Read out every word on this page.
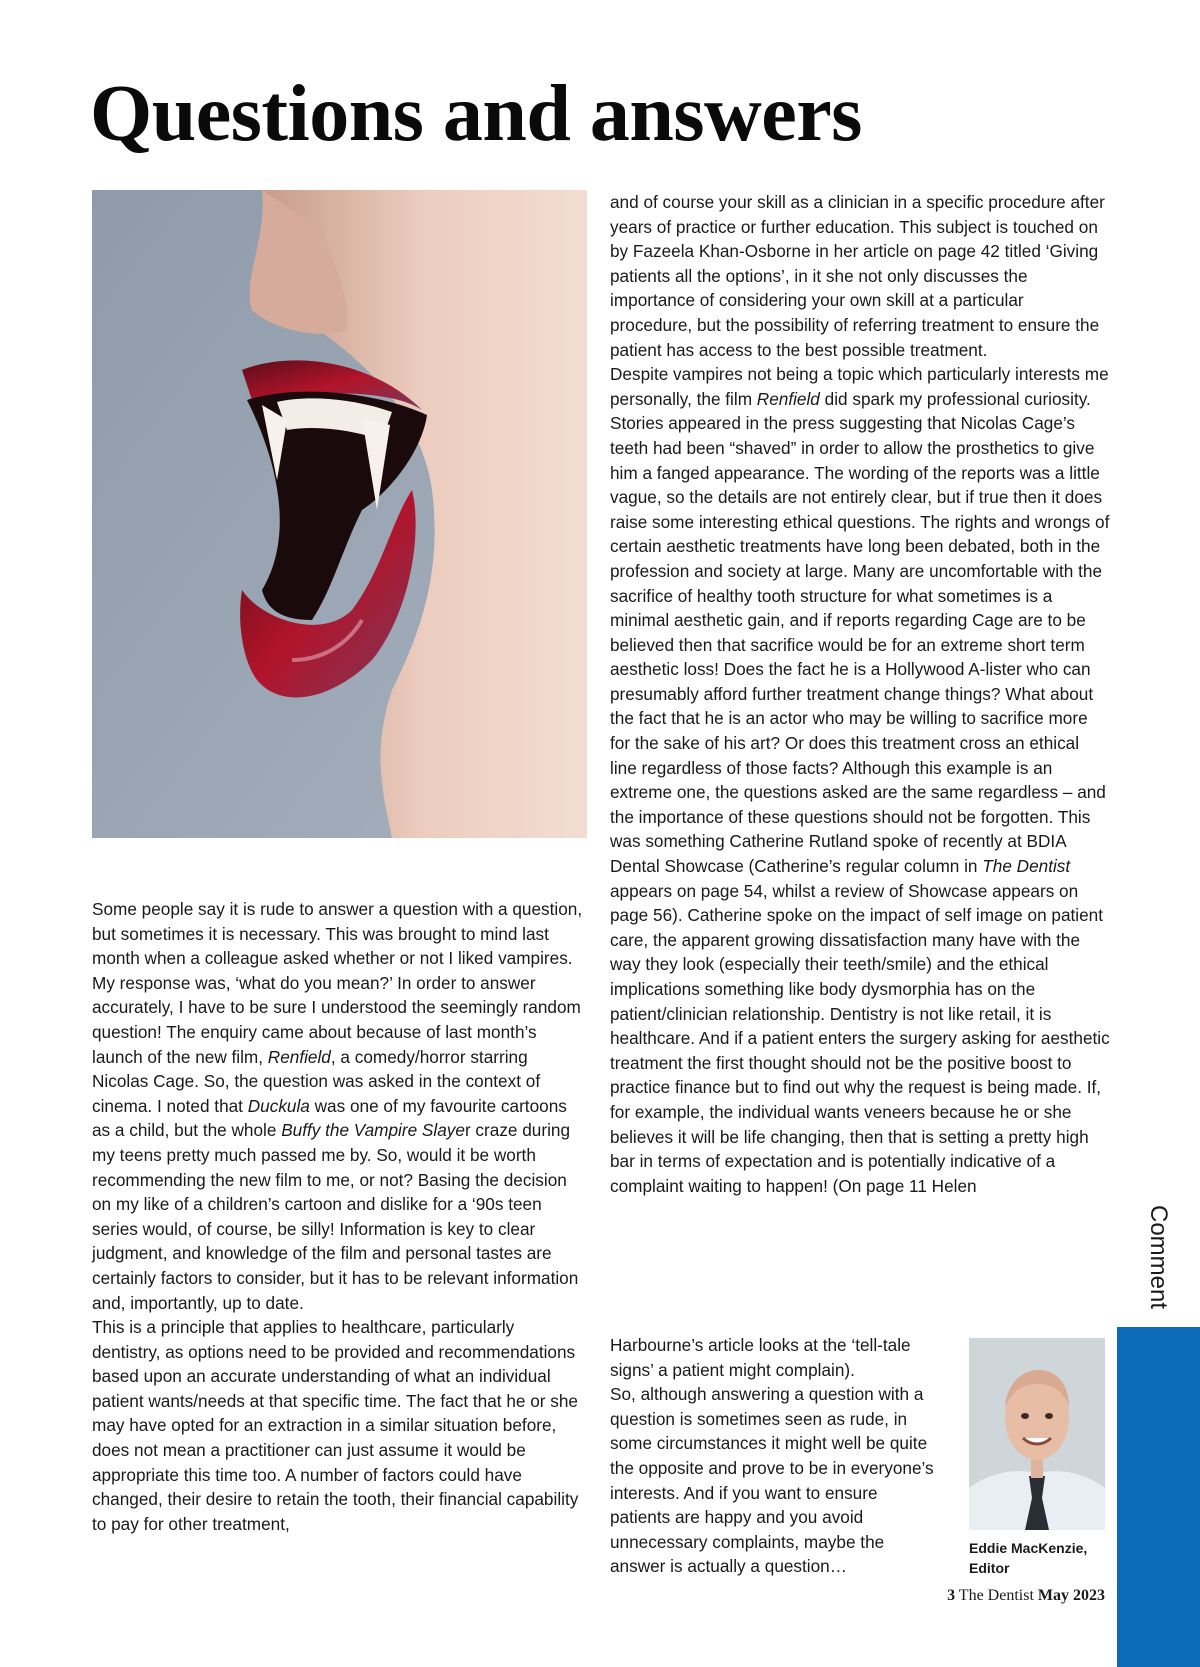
Questions and answers

Some people say it is rude to answer a question with a question, but sometimes it is necessary. This was brought to mind last month when a colleague asked whether or not I liked vampires. My response was, ‘what do you mean?’ In order to answer accurately, I have to be sure I understood the seemingly random question! The enquiry came about because of last month’s launch of the new film, Renfield, a comedy/horror starring Nicolas Cage. So, the question was asked in the context of cinema. I noted that Duckula was one of my favourite cartoons as a child, but the whole Buffy the Vampire Slayer craze during my teens pretty much passed me by. So, would it be worth recommending the new film to me, or not? Basing the decision on my like of a children’s cartoon and dislike for a ‘90s teen series would, of course, be silly! Information is key to clear judgment, and knowledge of the film and personal tastes are certainly factors to consider, but it has to be relevant information and, importantly, up to date.

This is a principle that applies to healthcare, particularly dentistry, as options need to be provided and recommendations based upon an accurate understanding of what an individual patient wants/needs at that specific time. The fact that he or she may have opted for an extraction in a similar situation before, does not mean a practitioner can just assume it would be appropriate this time too. A number of factors could have changed, their desire to retain the tooth, their financial capability to pay for other treatment,

and of course your skill as a clinician in a specific procedure after years of practice or further education. This subject is touched on by Fazeela Khan-Osborne in her article on page 42 titled ‘Giving patients all the options’, in it she not only discusses the importance of considering your own skill at a particular procedure, but the possibility of referring treatment to ensure the patient has access to the best possible treatment.

Despite vampires not being a topic which particularly interests me personally, the film Renfield did spark my professional curiosity. Stories appeared in the press suggesting that Nicolas Cage’s teeth had been “shaved” in order to allow the prosthetics to give him a fanged appearance. The wording of the reports was a little vague, so the details are not entirely clear, but if true then it does raise some interesting ethical questions. The rights and wrongs of certain aesthetic treatments have long been debated, both in the profession and society at large. Many are uncomfortable with the sacrifice of healthy tooth structure for what sometimes is a minimal aesthetic gain, and if reports regarding Cage are to be believed then that sacrifice would be for an extreme short term aesthetic loss! Does the fact he is a Hollywood A-lister who can presumably afford further treatment change things? What about the fact that he is an actor who may be willing to sacrifice more for the sake of his art? Or does this treatment cross an ethical line regardless of those facts? Although this example is an extreme one, the questions asked are the same regardless – and the importance of these questions should not be forgotten. This was something Catherine Rutland spoke of recently at BDIA Dental Showcase (Catherine’s regular column in The Dentist appears on page 54, whilst a review of Showcase appears on page 56). Catherine spoke on the impact of self image on patient care, the apparent growing dissatisfaction many have with the way they look (especially their teeth/smile) and the ethical implications something like body dysmorphia has on the patient/clinician relationship. Dentistry is not like retail, it is healthcare. And if a patient enters the surgery asking for aesthetic treatment the first thought should not be the positive boost to practice finance but to find out why the request is being made. If, for example, the individual wants veneers because he or she believes it will be life changing, then that is setting a pretty high bar in terms of expectation and is potentially indicative of a complaint waiting to happen! (On page 11 Helen

Harbourne’s article looks at the ‘tell-tale signs’ a patient might complain).

So, although answering a question with a question is sometimes seen as rude, in some circumstances it might well be quite the opposite and prove to be in everyone’s interests. And if you want to ensure patients are happy and you avoid unnecessary complaints, maybe the answer is actually a question…

Eddie MacKenzie,
Editor
Comment
3 The Dentist May 2023
